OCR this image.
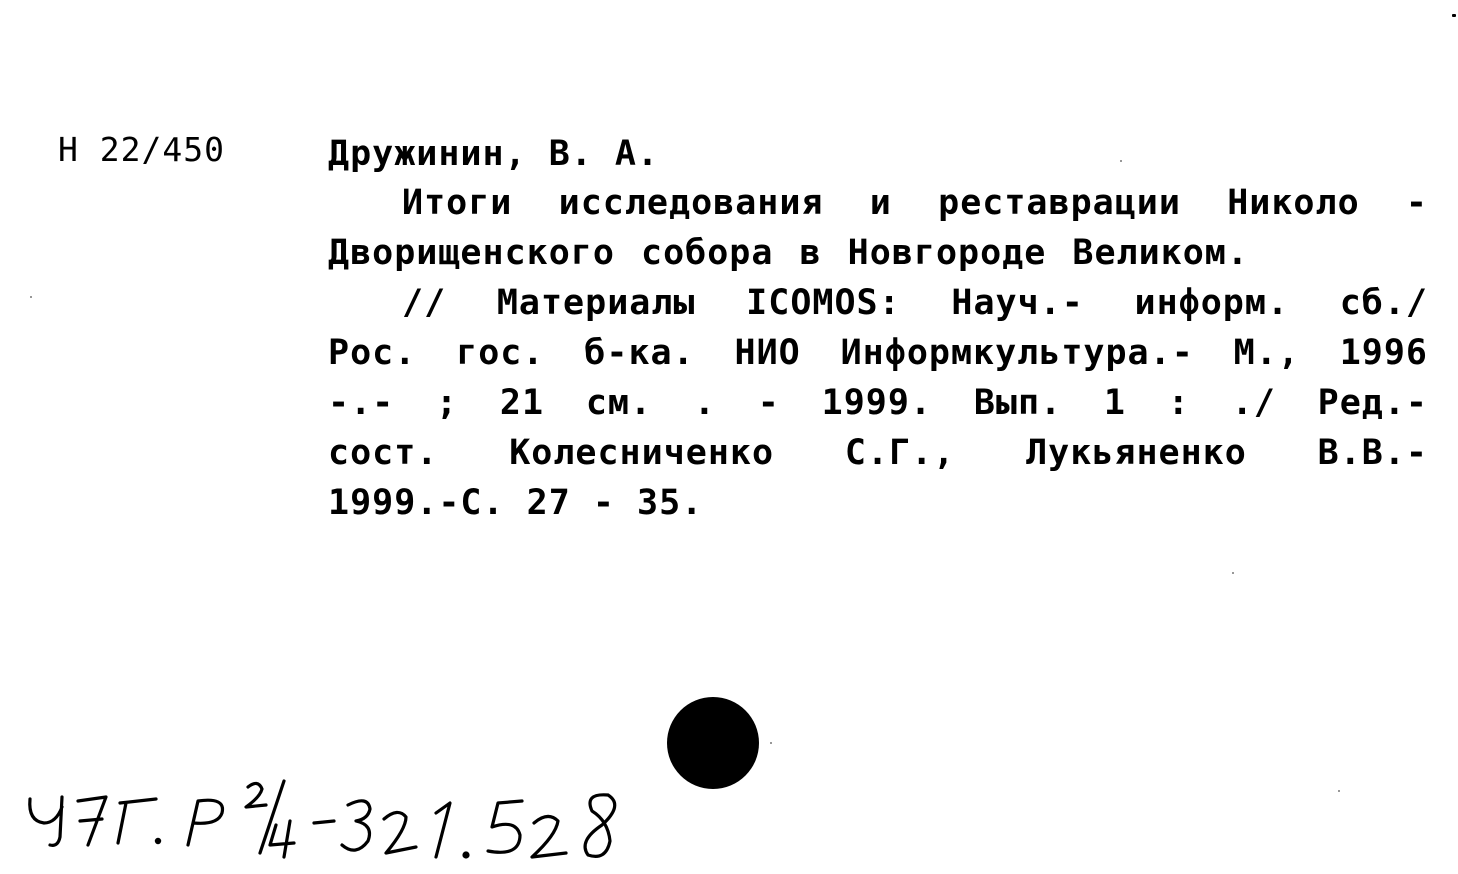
Н 22/450	Дружинин, В. А.
Итоги исследования и реставрации Николо -
Дворищенского собора в Новгороде Великом.
// Материалы ICOMOS: Науч.- информ. сб./
Рос. гос. б-ка. НИО Информкультура.- М., 1996
-.- ; 21 см. . - 1999. Вып. 1 : ./ Ред.-
сост. Колесниченко С.Г., Лукьяненко В.В.-
1999.-С. 27 - 35.
